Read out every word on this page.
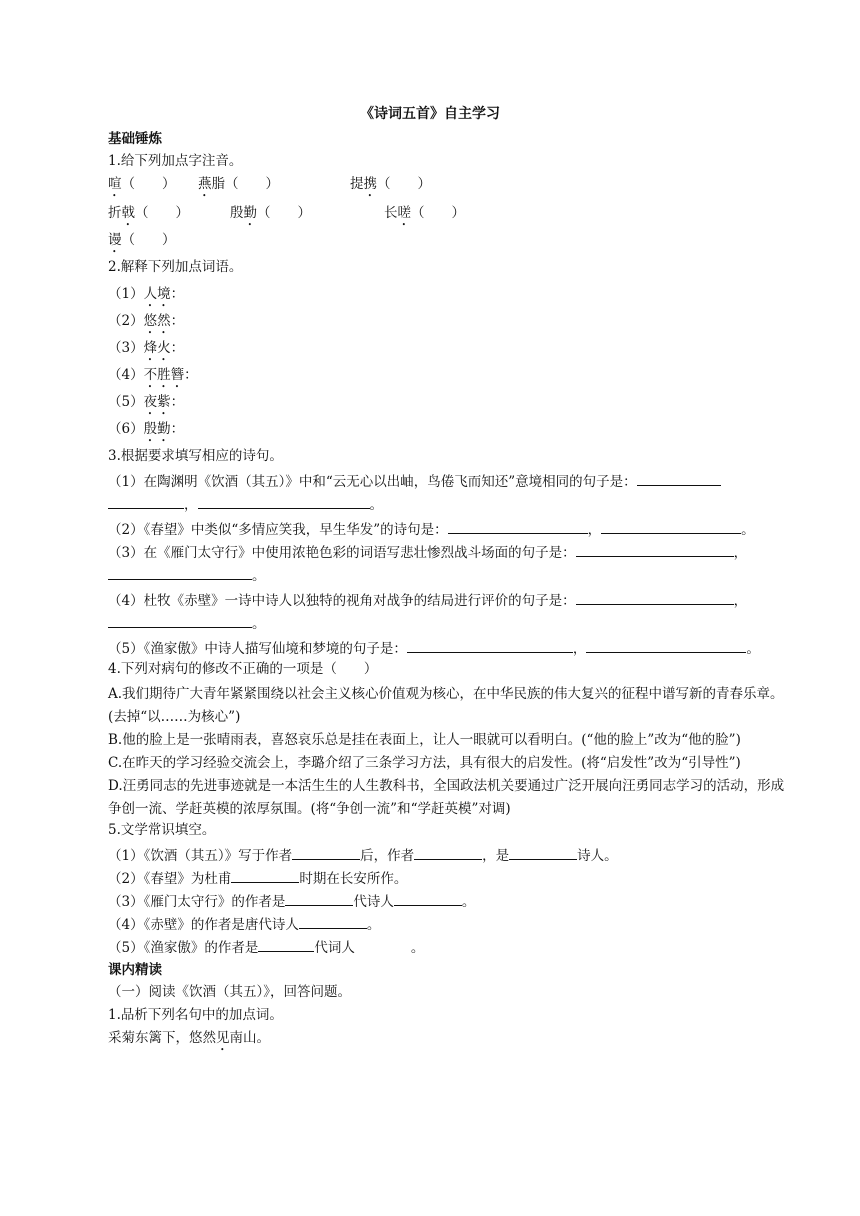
《诗词五首》自主学习
基础锤炼
1.给下列加点字注音。
喧（　　） 燕脂（　　）	提携（　　）
折戟（　　）	殷勤（　　）	长嗟（　　）
谩（　　）
2.解释下列加点词语。
（1）人境：
（2）悠然：
（3）烽火：
（4）不胜簪：
（5）夜紫：
（6）殷勤：
3.根据要求填写相应的诗句。
（1）在陶渊明《饮酒（其五）》中和“云无心以出岫，鸟倦飞而知还”意境相同的句子是：
，	。
（2）《春望》中类似“多情应笑我，早生华发”的诗句是：	，	。
（3）在《雁门太守行》中使用浓艳色彩的词语写悲壮惨烈战斗场面的句子是：	，
。
（4）杜牧《赤壁》一诗中诗人以独特的视角对战争的结局进行评价的句子是：	，
。
（5）《渔家傲》中诗人描写仙境和梦境的句子是：	，	。
4.下列对病句的修改不正确的一项是（　　）

A.我们期待广大青年紧紧围绕以社会主义核心价值观为核心，在中华民族的伟大复兴的征程中谱写新的青春乐章。(去掉“以……为核心”)

B.他的脸上是一张晴雨表，喜怒哀乐总是挂在表面上，让人一眼就可以看明白。(“他的脸上”改为“他的脸”)

C.在昨天的学习经验交流会上，李璐介绍了三条学习方法，具有很大的启发性。(将“启发性”改为“引导性”)

D.汪勇同志的先进事迹就是一本活生生的人生教科书，全国政法机关要通过广泛开展向汪勇同志学习的活动，形成争创一流、学赶英模的浓厚氛围。(将“争创一流”和“学赶英模”对调)

5.文学常识填空。
（1）《饮酒（其五）》写于作者	后，作者	，是	诗人。
（2）《春望》为杜甫	时期在长安所作。
（3）《雁门太守行》的作者是	代诗人	。
（4）《赤壁》的作者是唐代诗人	。
（5）《渔家傲》的作者是	代词人	。
课内精读
（一）阅读《饮酒（其五）》，回答问题。
1.品析下列名句中的加点词。
采菊东篱下，悠然见南山。
